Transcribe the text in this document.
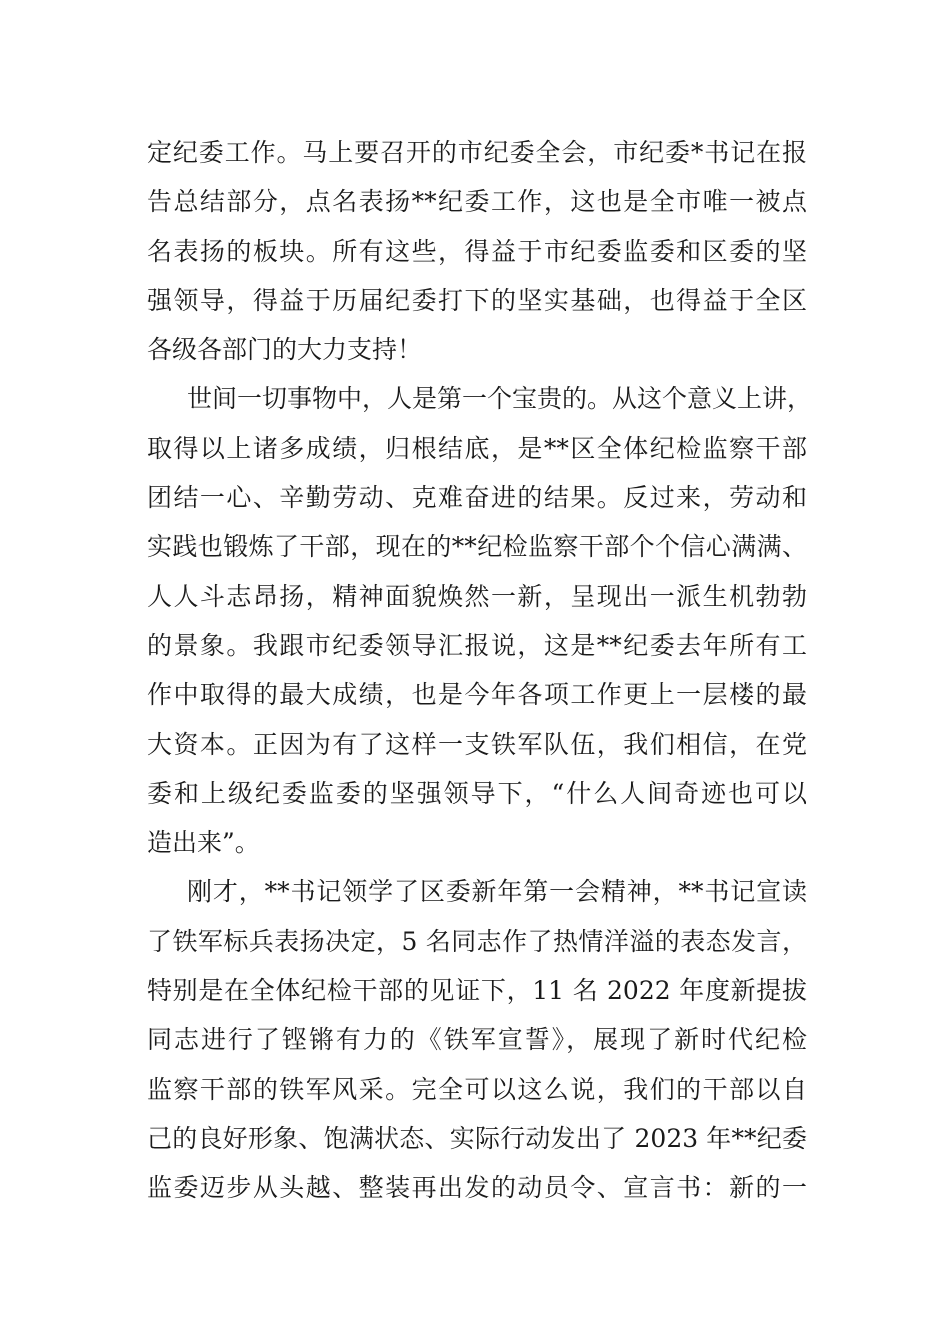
定纪委工作。马上要召开的市纪委全会，市纪委*书记在报
告总结部分，点名表扬**纪委工作，这也是全市唯一被点
名表扬的板块。所有这些，得益于市纪委监委和区委的坚
强领导，得益于历届纪委打下的坚实基础，也得益于全区
各级各部门的大力支持！
世间一切事物中，人是第一个宝贵的。从这个意义上讲，
取得以上诸多成绩，归根结底，是**区全体纪检监察干部
团结一心、辛勤劳动、克难奋进的结果。反过来，劳动和
实践也锻炼了干部，现在的**纪检监察干部个个信心满满、
人人斗志昂扬，精神面貌焕然一新，呈现出一派生机勃勃
的景象。我跟市纪委领导汇报说，这是**纪委去年所有工
作中取得的最大成绩，也是今年各项工作更上一层楼的最
大资本。正因为有了这样一支铁军队伍，我们相信，在党
委和上级纪委监委的坚强领导下，“什么人间奇迹也可以
造出来”。
刚才，**书记领学了区委新年第一会精神，**书记宣读
了铁军标兵表扬决定，5 名同志作了热情洋溢的表态发言，
特别是在全体纪检干部的见证下，11 名 2022 年度新提拔
同志进行了铿锵有力的《铁军宣誓》，展现了新时代纪检
监察干部的铁军风采。完全可以这么说，我们的干部以自
己的良好形象、饱满状态、实际行动发出了 2023 年**纪委
监委迈步从头越、整装再出发的动员令、宣言书：新的一
